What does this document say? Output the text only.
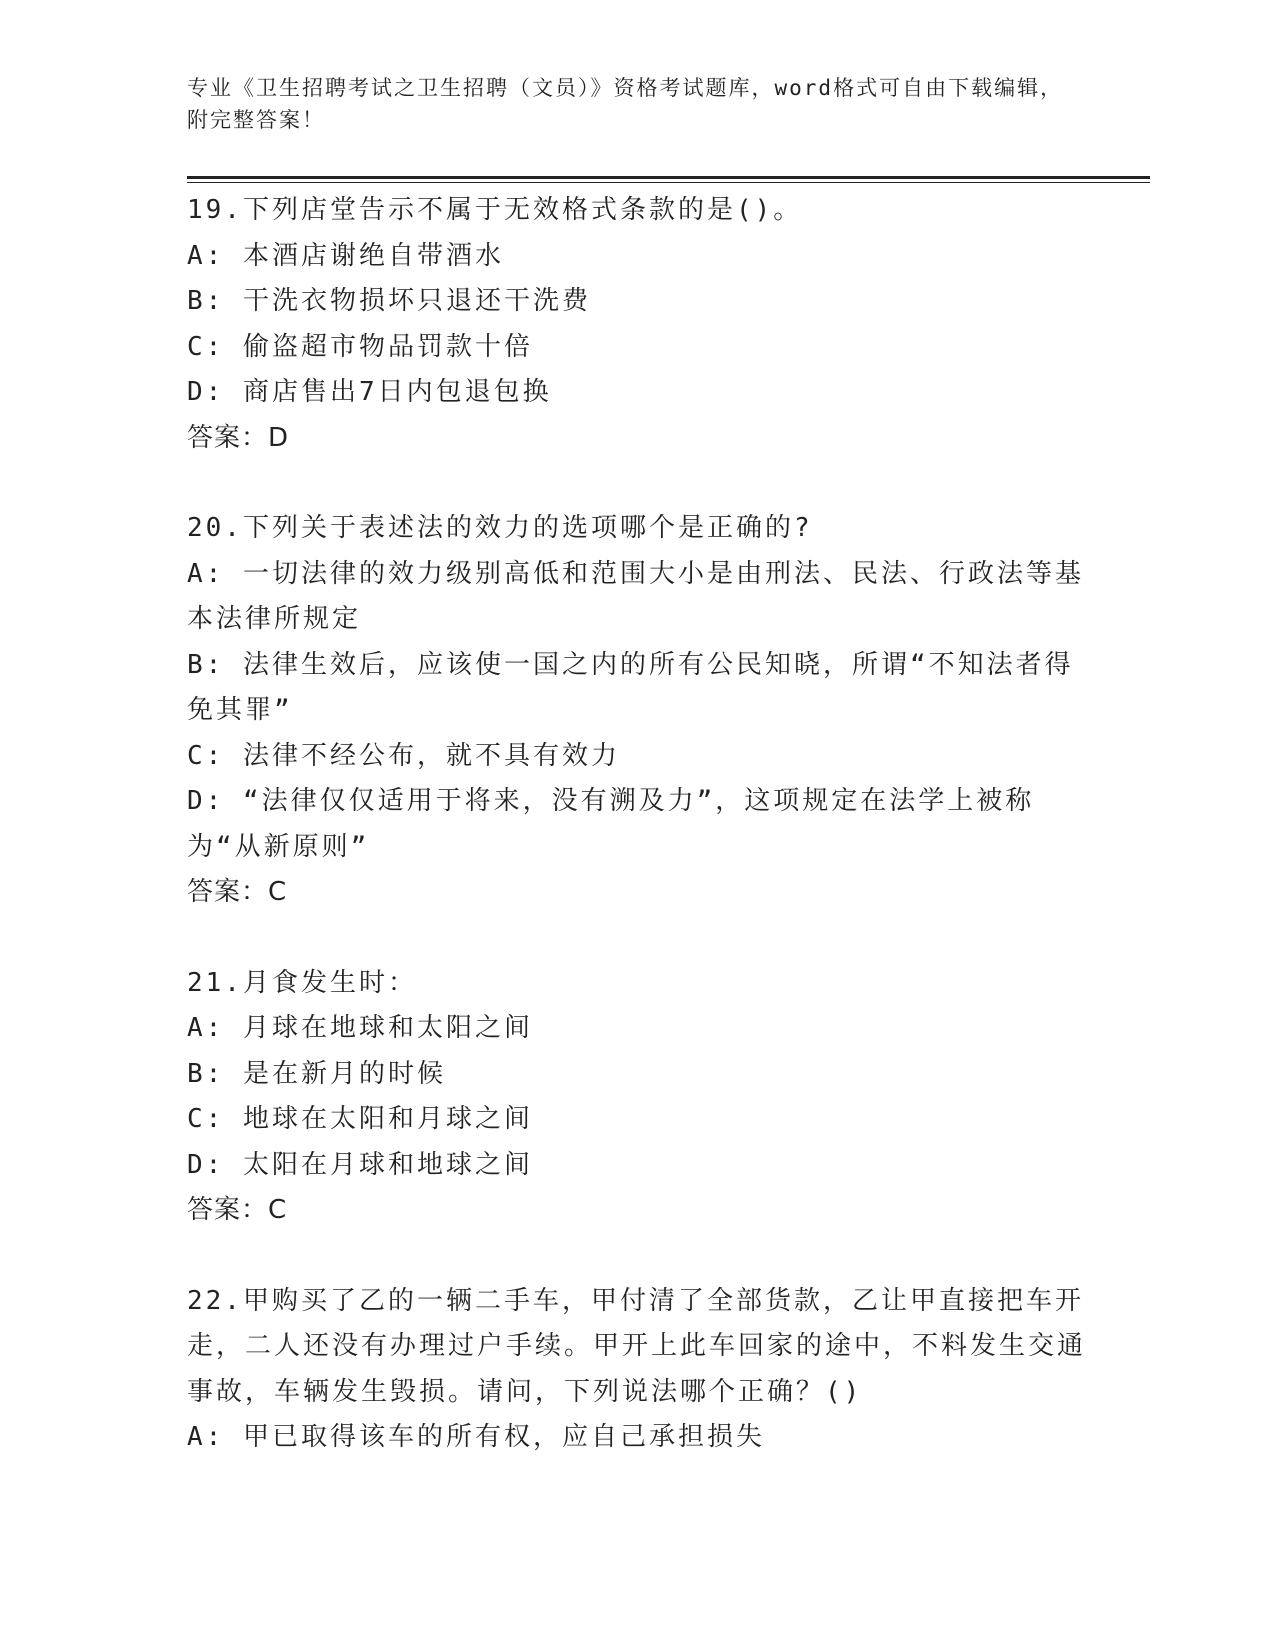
专业《卫生招聘考试之卫生招聘（文员）》资格考试题库，word格式可自由下载编辑，附完整答案！

19.下列店堂告示不属于无效格式条款的是()。

A: 本酒店谢绝自带酒水

B: 干洗衣物损坏只退还干洗费

C: 偷盗超市物品罚款十倍

D: 商店售出7日内包退包换

答案：D

20.下列关于表述法的效力的选项哪个是正确的?

A: 一切法律的效力级别高低和范围大小是由刑法、民法、行政法等基本法律所规定

B: 法律生效后，应该使一国之内的所有公民知晓，所谓“不知法者得免其罪”

C: 法律不经公布，就不具有效力

D: “法律仅仅适用于将来，没有溯及力”，这项规定在法学上被称为“从新原则”

答案：C

21.月食发生时：

A: 月球在地球和太阳之间

B: 是在新月的时候

C: 地球在太阳和月球之间

D: 太阳在月球和地球之间

答案：C

22.甲购买了乙的一辆二手车，甲付清了全部货款，乙让甲直接把车开走，二人还没有办理过户手续。甲开上此车回家的途中，不料发生交通事故，车辆发生毁损。请问，下列说法哪个正确？()

A: 甲已取得该车的所有权，应自己承担损失
